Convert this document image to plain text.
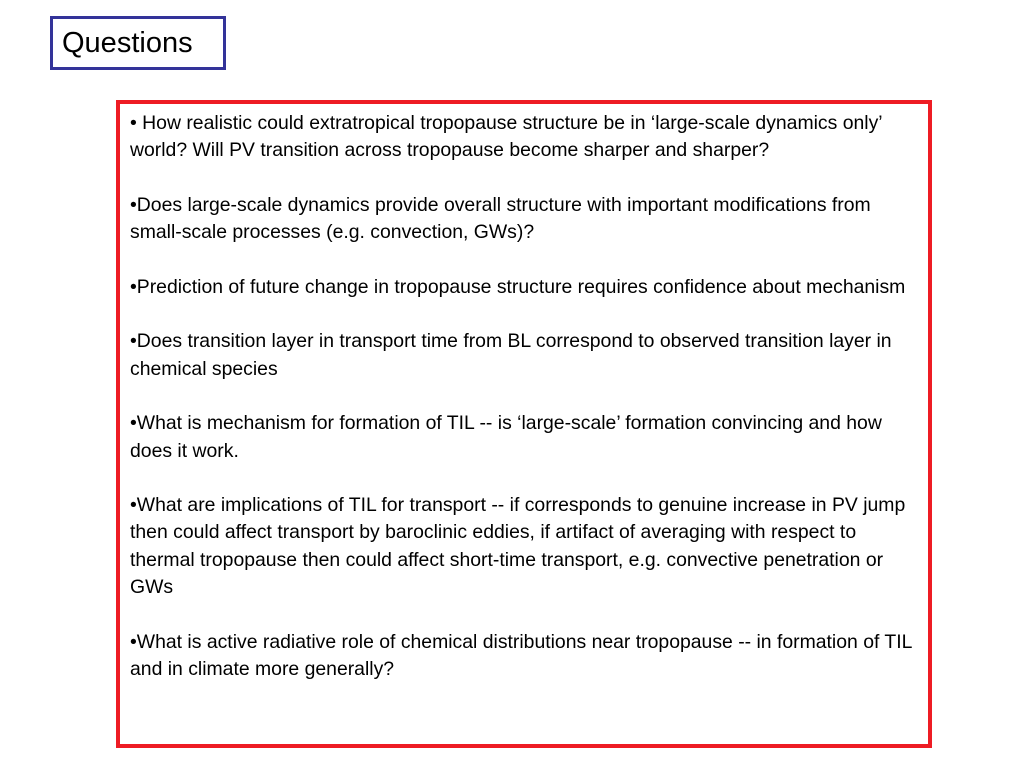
Questions

• How realistic could extratropical tropopause structure be in ‘large-scale dynamics only’ world? Will PV transition across tropopause become sharper and sharper?

•Does large-scale dynamics provide overall structure with important modifications from small-scale processes (e.g. convection, GWs)?

•Prediction of future change in tropopause structure requires confidence about mechanism

•Does transition layer in transport time from BL correspond to observed transition layer in chemical species

•What is mechanism for formation of TIL -- is ‘large-scale’ formation convincing and how does it work.

•What are implications of TIL for transport -- if corresponds to genuine increase in PV jump then could affect transport by baroclinic eddies, if artifact of averaging with respect to thermal tropopause then could affect short-time transport, e.g. convective penetration or GWs

•What is active radiative role of chemical distributions near tropopause -- in formation of TIL and in climate more generally?
